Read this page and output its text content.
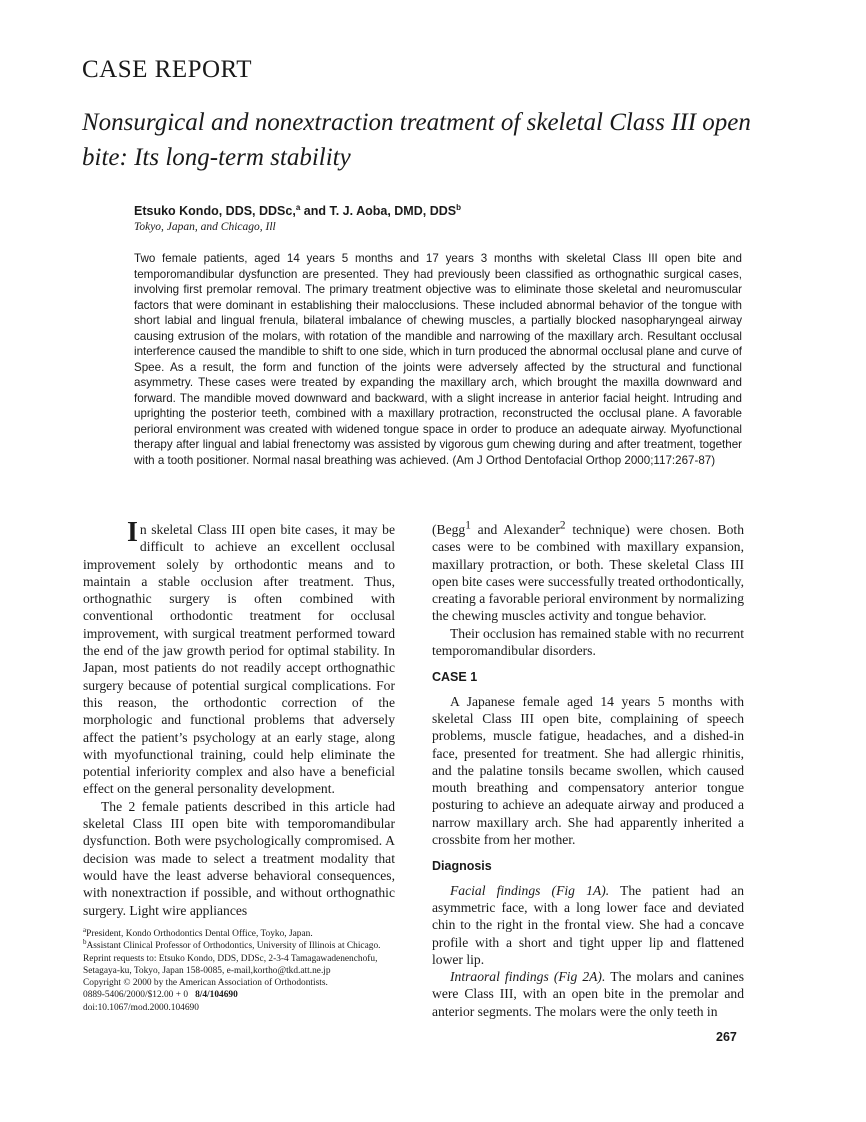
CASE REPORT
Nonsurgical and nonextraction treatment of skeletal Class III open bite: Its long-term stability
Etsuko Kondo, DDS, DDSc,$^a$ and T. J. Aoba, DMD, DDS$^b$
Tokyo, Japan, and Chicago, Ill
Two female patients, aged 14 years 5 months and 17 years 3 months with skeletal Class III open bite and temporomandibular dysfunction are presented. They had previously been classified as orthognathic surgical cases, involving first premolar removal. The primary treatment objective was to eliminate those skeletal and neuromuscular factors that were dominant in establishing their malocclusions. These included abnormal behavior of the tongue with short labial and lingual frenula, bilateral imbalance of chewing muscles, a partially blocked nasopharyngeal airway causing extrusion of the molars, with rotation of the mandible and narrowing of the maxillary arch. Resultant occlusal interference caused the mandible to shift to one side, which in turn produced the abnormal occlusal plane and curve of Spee. As a result, the form and function of the joints were adversely affected by the structural and functional asymmetry. These cases were treated by expanding the maxillary arch, which brought the maxilla downward and forward. The mandible moved downward and backward, with a slight increase in anterior facial height. Intruding and uprighting the posterior teeth, combined with a maxillary protraction, reconstructed the occlusal plane. A favorable perioral environment was created with widened tongue space in order to produce an adequate airway. Myofunctional therapy after lingual and labial frenectomy was assisted by vigorous gum chewing during and after treatment, together with a tooth positioner. Normal nasal breathing was achieved. (Am J Orthod Dentofacial Orthop 2000;117:267-87)

In skeletal Class III open bite cases, it may be difficult to achieve an excellent occlusal improvement solely by orthodontic means and to maintain a stable occlusion after treatment. Thus, orthognathic surgery is often combined with conventional orthodontic treatment for occlusal improvement, with surgical treatment performed toward the end of the jaw growth period for optimal stability. In Japan, most patients do not readily accept orthognathic surgery because of potential surgical complications. For this reason, the orthodontic correction of the morphologic and functional problems that adversely affect the patient’s psychology at an early stage, along with myofunctional training, could help eliminate the potential inferiority complex and also have a beneficial effect on the general personality development.

The 2 female patients described in this article had skeletal Class III open bite with temporomandibular dysfunction. Both were psychologically compromised. A decision was made to select a treatment modality that would have the least adverse behavioral consequences, with nonextraction if possible, and without orthognathic surgery. Light wire appliances

(Begg$^1$ and Alexander$^2$ technique) were chosen. Both cases were to be combined with maxillary expansion, maxillary protraction, or both. These skeletal Class III open bite cases were successfully treated orthodontically, creating a favorable perioral environment by normalizing the chewing muscles activity and tongue behavior.

Their occlusion has remained stable with no recurrent temporomandibular disorders.

CASE 1

A Japanese female aged 14 years 5 months with skeletal Class III open bite, complaining of speech problems, muscle fatigue, headaches, and a dished-in face, presented for treatment. She had allergic rhinitis, and the palatine tonsils became swollen, which caused mouth breathing and compensatory anterior tongue posturing to achieve an adequate airway and produced a narrow maxillary arch. She had apparently inherited a crossbite from her mother.

Diagnosis

Facial findings (Fig 1A). The patient had an asymmetric face, with a long lower face and deviated chin to the right in the frontal view. She had a concave profile with a short and tight upper lip and flattened lower lip.

Intraoral findings (Fig 2A). The molars and canines were Class III, with an open bite in the premolar and anterior segments. The molars were the only teeth in

$^a$President, Kondo Orthodontics Dental Office, Toyko, Japan.
$^b$Assistant Clinical Professor of Orthodontics, University of Illinois at Chicago.
Reprint requests to: Etsuko Kondo, DDS, DDSc, 2-3-4 Tamagawadenenchofu, Setagaya-ku, Tokyo, Japan 158-0085, e-mail,kortho@tkd.att.ne.jp
Copyright © 2000 by the American Association of Orthodontists.
0889-5406/2000/$12.00 + 0 8/4/104690
doi:10.1067/mod.2000.104690
267
